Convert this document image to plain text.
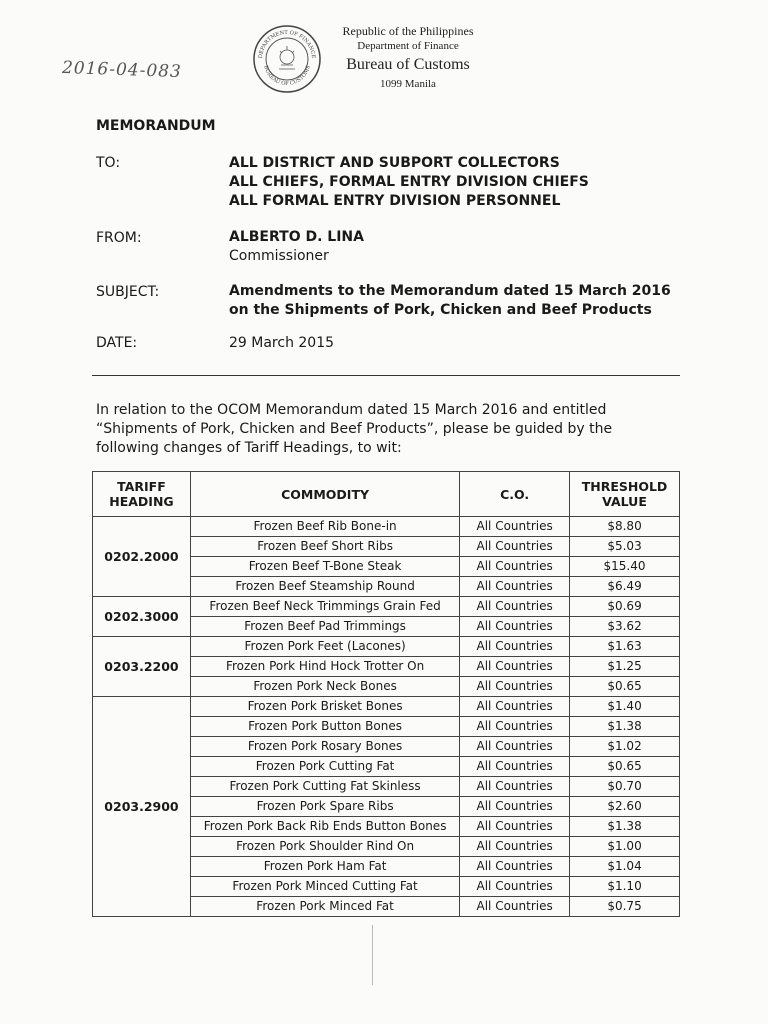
2016-04-083
DEPARTMENT OF FINANCE
BUREAU OF CUSTOMS
Republic of the Philippines
Department of Finance
Bureau of Customs
1099 Manila
MEMORANDUM
TO:	ALL DISTRICT AND SUBPORT COLLECTORS
ALL CHIEFS, FORMAL ENTRY DIVISION CHIEFS
ALL FORMAL ENTRY DIVISION PERSONNEL
FROM:	ALBERTO D. LINA
Commissioner
SUBJECT:	Amendments to the Memorandum dated 15 March 2016
on the Shipments of Pork, Chicken and Beef Products
DATE:	29 March 2015
In relation to the OCOM Memorandum dated 15 March 2016 and entitled “Shipments of Pork, Chicken and Beef Products”, please be guided by the following changes of Tariff Headings, to wit:
TARIFF HEADING	COMMODITY	C.O.	THRESHOLD VALUE
0202.2000	Frozen Beef Rib Bone-in	All Countries	$8.80
	Frozen Beef Short Ribs	All Countries	$5.03
	Frozen Beef T-Bone Steak	All Countries	$15.40
	Frozen Beef Steamship Round	All Countries	$6.49
0202.3000	Frozen Beef Neck Trimmings Grain Fed	All Countries	$0.69
	Frozen Beef Pad Trimmings	All Countries	$3.62
0203.2200	Frozen Pork Feet (Lacones)	All Countries	$1.63
	Frozen Pork Hind Hock Trotter On	All Countries	$1.25
	Frozen Pork Neck Bones	All Countries	$0.65
0203.2900	Frozen Pork Brisket Bones	All Countries	$1.40
	Frozen Pork Button Bones	All Countries	$1.38
	Frozen Pork Rosary Bones	All Countries	$1.02
	Frozen Pork Cutting Fat	All Countries	$0.65
	Frozen Pork Cutting Fat Skinless	All Countries	$0.70
	Frozen Pork Spare Ribs	All Countries	$2.60
	Frozen Pork Back Rib Ends Button Bones	All Countries	$1.38
	Frozen Pork Shoulder Rind On	All Countries	$1.00
	Frozen Pork Ham Fat	All Countries	$1.04
	Frozen Pork Minced Cutting Fat	All Countries	$1.10
	Frozen Pork Minced Fat	All Countries	$0.75
